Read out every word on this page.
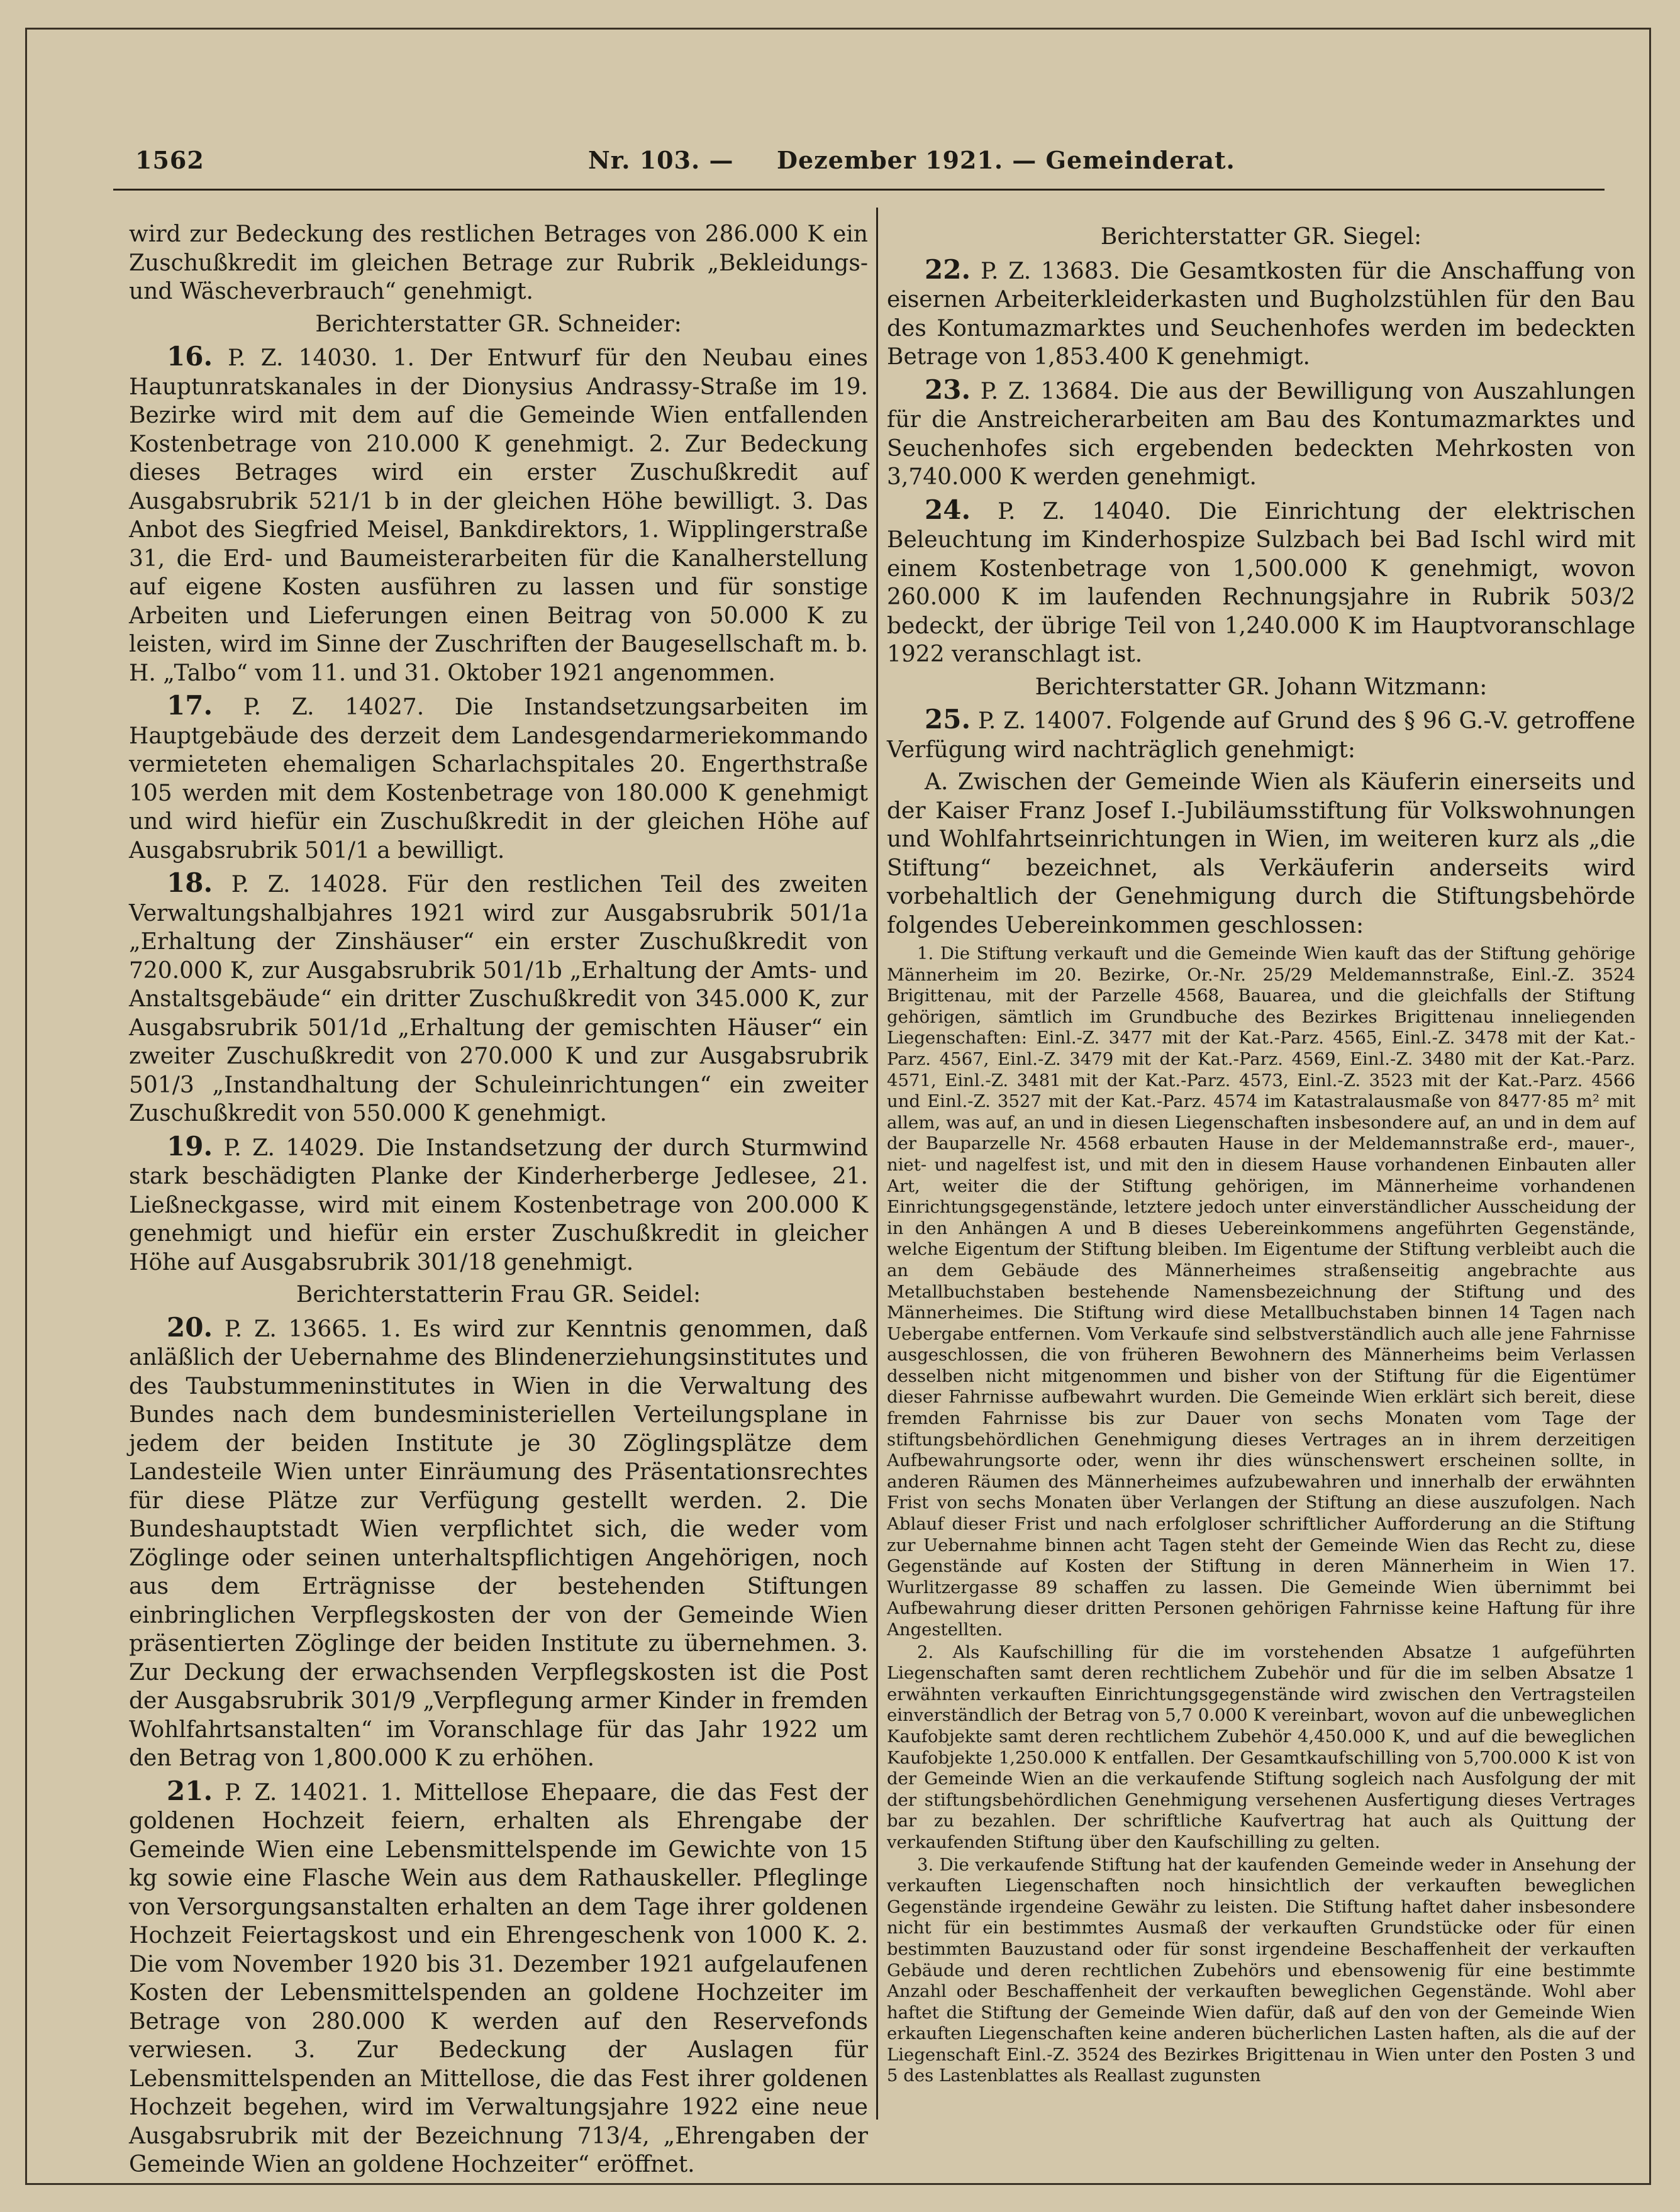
1562	Nr. 103. — Dezember 1921. — Gemeinderat.

wird zur Bedeckung des restlichen Betrages von 286.000 K ein Zuschußkredit im gleichen Betrage zur Rubrik „Bekleidungs- und Wäscheverbrauch“ genehmigt.

Berichterstatter GR. Schneider:

16. P. Z. 14030. 1. Der Entwurf für den Neubau eines Hauptunratskanales in der Dionysius Andrassy-Straße im 19. Bezirke wird mit dem auf die Gemeinde Wien entfallenden Kostenbetrage von 210.000 K genehmigt. 2. Zur Bedeckung dieses Betrages wird ein erster Zuschußkredit auf Ausgabsrubrik 521/1 b in der gleichen Höhe bewilligt. 3. Das Anbot des Siegfried Meisel, Bankdirektors, 1. Wipplingerstraße 31, die Erd- und Baumeisterarbeiten für die Kanalherstellung auf eigene Kosten ausführen zu lassen und für sonstige Arbeiten und Lieferungen einen Beitrag von 50.000 K zu leisten, wird im Sinne der Zuschriften der Baugesellschaft m. b. H. „Talbo“ vom 11. und 31. Oktober 1921 angenommen.

17. P. Z. 14027. Die Instandsetzungsarbeiten im Hauptgebäude des derzeit dem Landesgendarmeriekommando vermieteten ehemaligen Scharlachspitales 20. Engerthstraße 105 werden mit dem Kostenbetrage von 180.000 K genehmigt und wird hiefür ein Zuschußkredit in der gleichen Höhe auf Ausgabsrubrik 501/1 a bewilligt.

18. P. Z. 14028. Für den restlichen Teil des zweiten Verwaltungshalbjahres 1921 wird zur Ausgabsrubrik 501/1a „Erhaltung der Zinshäuser“ ein erster Zuschußkredit von 720.000 K, zur Ausgabsrubrik 501/1b „Erhaltung der Amts- und Anstaltsgebäude“ ein dritter Zuschußkredit von 345.000 K, zur Ausgabsrubrik 501/1d „Erhaltung der gemischten Häuser“ ein zweiter Zuschußkredit von 270.000 K und zur Ausgabsrubrik 501/3 „Instandhaltung der Schuleinrichtungen“ ein zweiter Zuschußkredit von 550.000 K genehmigt.

19. P. Z. 14029. Die Instandsetzung der durch Sturmwind stark beschädigten Planke der Kinderherberge Jedlesee, 21. Ließneckgasse, wird mit einem Kostenbetrage von 200.000 K genehmigt und hiefür ein erster Zuschußkredit in gleicher Höhe auf Ausgabsrubrik 301/18 genehmigt.

Berichterstatterin Frau GR. Seidel:

20. P. Z. 13665. 1. Es wird zur Kenntnis genommen, daß anläßlich der Uebernahme des Blindenerziehungsinstitutes und des Taubstummeninstitutes in Wien in die Verwaltung des Bundes nach dem bundesministeriellen Verteilungsplane in jedem der beiden Institute je 30 Zöglingsplätze dem Landesteile Wien unter Einräumung des Präsentationsrechtes für diese Plätze zur Verfügung gestellt werden. 2. Die Bundeshauptstadt Wien verpflichtet sich, die weder vom Zöglinge oder seinen unterhaltspflichtigen Angehörigen, noch aus dem Erträgnisse der bestehenden Stiftungen einbringlichen Verpflegskosten der von der Gemeinde Wien präsentierten Zöglinge der beiden Institute zu übernehmen. 3. Zur Deckung der erwachsenden Verpflegskosten ist die Post der Ausgabsrubrik 301/9 „Verpflegung armer Kinder in fremden Wohlfahrtsanstalten“ im Voranschlage für das Jahr 1922 um den Betrag von 1,800.000 K zu erhöhen.

21. P. Z. 14021. 1. Mittellose Ehepaare, die das Fest der goldenen Hochzeit feiern, erhalten als Ehrengabe der Gemeinde Wien eine Lebensmittelspende im Gewichte von 15 kg sowie eine Flasche Wein aus dem Rathauskeller. Pfleglinge von Versorgungsanstalten erhalten an dem Tage ihrer goldenen Hochzeit Feiertagskost und ein Ehrengeschenk von 1000 K. 2. Die vom November 1920 bis 31. Dezember 1921 aufgelaufenen Kosten der Lebensmittelspenden an goldene Hochzeiter im Betrage von 280.000 K werden auf den Reservefonds verwiesen. 3. Zur Bedeckung der Auslagen für Lebensmittelspenden an Mittellose, die das Fest ihrer goldenen Hochzeit begehen, wird im Verwaltungsjahre 1922 eine neue Ausgabsrubrik mit der Bezeichnung 713/4, „Ehrengaben der Gemeinde Wien an goldene Hochzeiter“ eröffnet.

Berichterstatter GR. Siegel:

22. P. Z. 13683. Die Gesamtkosten für die Anschaffung von eisernen Arbeiterkleiderkasten und Bugholzstühlen für den Bau des Kontumazmarktes und Seuchenhofes werden im bedeckten Betrage von 1,853.400 K genehmigt.

23. P. Z. 13684. Die aus der Bewilligung von Auszahlungen für die Anstreicherarbeiten am Bau des Kontumazmarktes und Seuchenhofes sich ergebenden bedeckten Mehrkosten von 3,740.000 K werden genehmigt.

24. P. Z. 14040. Die Einrichtung der elektrischen Beleuchtung im Kinderhospize Sulzbach bei Bad Ischl wird mit einem Kostenbetrage von 1,500.000 K genehmigt, wovon 260.000 K im laufenden Rechnungsjahre in Rubrik 503/2 bedeckt, der übrige Teil von 1,240.000 K im Hauptvoranschlage 1922 veranschlagt ist.

Berichterstatter GR. Johann Witzmann:

25. P. Z. 14007. Folgende auf Grund des § 96 G.-V. getroffene Verfügung wird nachträglich genehmigt:

A. Zwischen der Gemeinde Wien als Käuferin einerseits und der Kaiser Franz Josef I.-Jubiläumsstiftung für Volkswohnungen und Wohlfahrtseinrichtungen in Wien, im weiteren kurz als „die Stiftung“ bezeichnet, als Verkäuferin anderseits wird vorbehaltlich der Genehmigung durch die Stiftungsbehörde folgendes Uebereinkommen geschlossen:

1. Die Stiftung verkauft und die Gemeinde Wien kauft das der Stiftung gehörige Männerheim im 20. Bezirke, Or.-Nr. 25/29 Meldemannstraße, Einl.-Z. 3524 Brigittenau, mit der Parzelle 4568, Bauarea, und die gleichfalls der Stiftung gehörigen, sämtlich im Grundbuche des Bezirkes Brigittenau inneliegenden Liegenschaften: Einl.-Z. 3477 mit der Kat.-Parz. 4565, Einl.-Z. 3478 mit der Kat.-Parz. 4567, Einl.-Z. 3479 mit der Kat.-Parz. 4569, Einl.-Z. 3480 mit der Kat.-Parz. 4571, Einl.-Z. 3481 mit der Kat.-Parz. 4573, Einl.-Z. 3523 mit der Kat.-Parz. 4566 und Einl.-Z. 3527 mit der Kat.-Parz. 4574 im Katastralausmaße von 8477·85 m² mit allem, was auf, an und in diesen Liegenschaften insbesondere auf, an und in dem auf der Bauparzelle Nr. 4568 erbauten Hause in der Meldemannstraße erd-, mauer-, niet- und nagelfest ist, und mit den in diesem Hause vorhandenen Einbauten aller Art, weiter die der Stiftung gehörigen, im Männerheime vorhandenen Einrichtungsgegenstände, letztere jedoch unter einverständlicher Ausscheidung der in den Anhängen A und B dieses Uebereinkommens angeführten Gegenstände, welche Eigentum der Stiftung bleiben. Im Eigentume der Stiftung verbleibt auch die an dem Gebäude des Männerheimes straßenseitig angebrachte aus Metallbuchstaben bestehende Namensbezeichnung der Stiftung und des Männerheimes. Die Stiftung wird diese Metallbuchstaben binnen 14 Tagen nach Uebergabe entfernen. Vom Verkaufe sind selbstverständlich auch alle jene Fahrnisse ausgeschlossen, die von früheren Bewohnern des Männerheims beim Verlassen desselben nicht mitgenommen und bisher von der Stiftung für die Eigentümer dieser Fahrnisse aufbewahrt wurden. Die Gemeinde Wien erklärt sich bereit, diese fremden Fahrnisse bis zur Dauer von sechs Monaten vom Tage der stiftungsbehördlichen Genehmigung dieses Vertrages an in ihrem derzeitigen Aufbewahrungsorte oder, wenn ihr dies wünschenswert erscheinen sollte, in anderen Räumen des Männerheimes aufzubewahren und innerhalb der erwähnten Frist von sechs Monaten über Verlangen der Stiftung an diese auszufolgen. Nach Ablauf dieser Frist und nach erfolgloser schriftlicher Aufforderung an die Stiftung zur Uebernahme binnen acht Tagen steht der Gemeinde Wien das Recht zu, diese Gegenstände auf Kosten der Stiftung in deren Männerheim in Wien 17. Wurlitzergasse 89 schaffen zu lassen. Die Gemeinde Wien übernimmt bei Aufbewahrung dieser dritten Personen gehörigen Fahrnisse keine Haftung für ihre Angestellten.

2. Als Kaufschilling für die im vorstehenden Absatze 1 aufgeführten Liegenschaften samt deren rechtlichem Zubehör und für die im selben Absatze 1 erwähnten verkauften Einrichtungsgegenstände wird zwischen den Vertragsteilen einverständlich der Betrag von 5,7 0.000 K vereinbart, wovon auf die unbeweglichen Kaufobjekte samt deren rechtlichem Zubehör 4,450.000 K, und auf die beweglichen Kaufobjekte 1,250.000 K entfallen. Der Gesamtkaufschilling von 5,700.000 K ist von der Gemeinde Wien an die verkaufende Stiftung sogleich nach Ausfolgung der mit der stiftungsbehördlichen Genehmigung versehenen Ausfertigung dieses Vertrages bar zu bezahlen. Der schriftliche Kaufvertrag hat auch als Quittung der verkaufenden Stiftung über den Kaufschilling zu gelten.

3. Die verkaufende Stiftung hat der kaufenden Gemeinde weder in Ansehung der verkauften Liegenschaften noch hinsichtlich der verkauften beweglichen Gegenstände irgendeine Gewähr zu leisten. Die Stiftung haftet daher insbesondere nicht für ein bestimmtes Ausmaß der verkauften Grundstücke oder für einen bestimmten Bauzustand oder für sonst irgendeine Beschaffenheit der verkauften Gebäude und deren rechtlichen Zubehörs und ebensowenig für eine bestimmte Anzahl oder Beschaffenheit der verkauften beweglichen Gegenstände. Wohl aber haftet die Stiftung der Gemeinde Wien dafür, daß auf den von der Gemeinde Wien erkauften Liegenschaften keine anderen bücherlichen Lasten haften, als die auf der Liegenschaft Einl.-Z. 3524 des Bezirkes Brigittenau in Wien unter den Posten 3 und 5 des Lastenblattes als Reallast zugunsten
